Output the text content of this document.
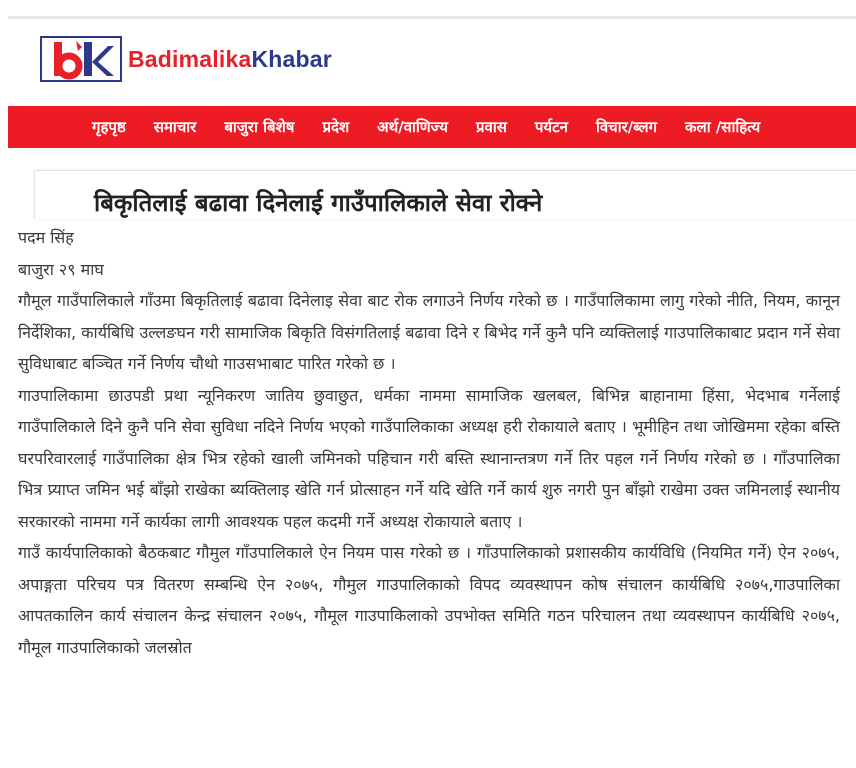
BadimalikaKhabar
गृहपृष्ठ समाचार बाजुरा बिशेष प्रदेश अर्थ/वाणिज्य प्रवास पर्यटन विचार/ब्लग कला /साहित्य
बिकृतिलाई बढावा दिनेलाई गाउँपालिकाले सेवा रोक्ने

पदम सिंह

बाजुरा २९ माघ

गौमूल गाउँपालिकाले गाँउमा बिकृतिलाई बढावा दिनेलाइ सेवा बाट रोक लगाउने निर्णय गरेको छ । गाउँपालिकामा लागु गरेको नीति, नियम, कानून निर्देशिका, कार्यबिधि उल्लङघन गरी सामाजिक बिकृति विसंगतिलाई बढावा दिने र बिभेद गर्ने कुनै पनि व्यक्तिलाई गाउपालिकाबाट प्रदान गर्ने सेवा सुविधाबाट बञ्चित गर्ने निर्णय चौथो गाउसभाबाट पारित गरेको छ ।

गाउपालिकामा छाउपडी प्रथा न्यूनिकरण जातिय छुवाछुत, धर्मका नाममा सामाजिक खलबल, बिभिन्न बाहानामा हिंसा, भेदभाब गर्नेलाई गाउँपालिकाले दिने कुनै पनि सेवा सुविधा नदिने निर्णय भएको गाउँपालिकाका अध्यक्ष हरी रोकायाले बताए । भूमीहिन तथा जोखिममा रहेका बस्ति घरपरिवारलाई गाउँपालिका क्षेत्र भित्र रहेको खाली जमिनको पहिचान गरी बस्ति स्थानान्तत्रण गर्ने तिर पहल गर्ने निर्णय गरेको छ । गाँउपालिका भित्र प्र्याप्त जमिन भई बाँझो राखेका ब्यक्तिलाइ खेति गर्न प्रोत्साहन गर्ने यदि खेति गर्ने कार्य शुरु नगरी पुन बाँझो राखेमा उक्त जमिनलाई स्थानीय सरकारको नाममा गर्ने कार्यका लागी आवश्यक पहल कदमी गर्ने अध्यक्ष रोकायाले बताए ।

गाउँ कार्यपालिकाको बैठकबाट गौमुल गाँउपालिकाले ऐन नियम पास गरेको छ । गाँउपालिकाको प्रशासकीय कार्यविधि (नियमित गर्ने) ऐन २०७५, अपाङ्गता परिचय पत्र वितरण सम्बन्धि ऐन २०७५, गौमुल गाउपालिकाको विपद व्यवस्थापन कोष संचालन कार्यबिधि २०७५,गाउपालिका आपतकालिन कार्य संचालन केन्द्र संचालन २०७५, गौमूल गाउपाकिलाको उपभोक्त समिति गठन परिचालन तथा व्यवस्थापन कार्यबिधि २०७५, गौमूल गाउपालिकाको जलस्रोत
